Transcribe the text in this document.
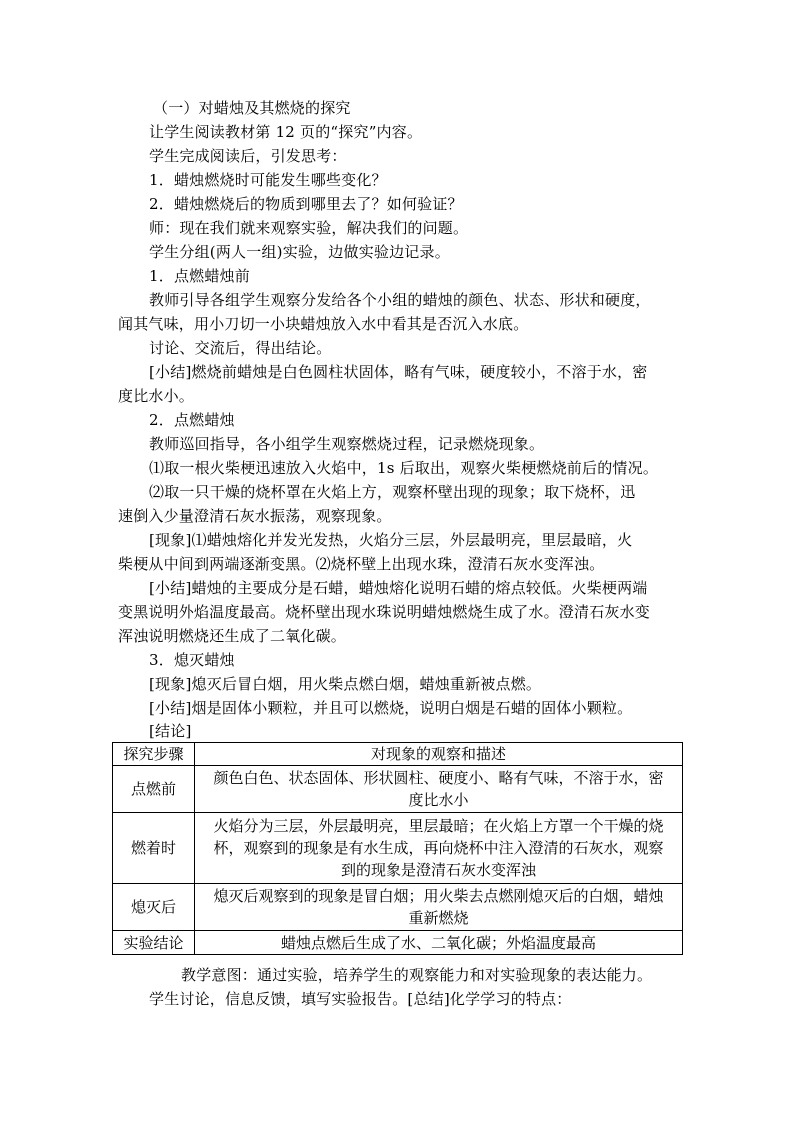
（一）对蜡烛及其燃烧的探究
让学生阅读教材第 12 页的“探究”内容。
学生完成阅读后，引发思考：
1．蜡烛燃烧时可能发生哪些变化？
2．蜡烛燃烧后的物质到哪里去了？如何验证？
师：现在我们就来观察实验，解决我们的问题。
学生分组(两人一组)实验，边做实验边记录。
1．点燃蜡烛前
教师引导各组学生观察分发给各个小组的蜡烛的颜色、状态、形状和硬度，
闻其气味，用小刀切一小块蜡烛放入水中看其是否沉入水底。
讨论、交流后，得出结论。
[小结]燃烧前蜡烛是白色圆柱状固体，略有气味，硬度较小，不溶于水，密
度比水小。
2．点燃蜡烛
教师巡回指导，各小组学生观察燃烧过程，记录燃烧现象。
⑴取一根火柴梗迅速放入火焰中，1s 后取出，观察火柴梗燃烧前后的情况。
⑵取一只干燥的烧杯罩在火焰上方，观察杯壁出现的现象；取下烧杯，迅
速倒入少量澄清石灰水振荡，观察现象。
[现象]⑴蜡烛熔化并发光发热，火焰分三层，外层最明亮，里层最暗，火
柴梗从中间到两端逐渐变黑。⑵烧杯壁上出现水珠，澄清石灰水变浑浊。
[小结]蜡烛的主要成分是石蜡，蜡烛熔化说明石蜡的熔点较低。火柴梗两端
变黑说明外焰温度最高。烧杯壁出现水珠说明蜡烛燃烧生成了水。澄清石灰水变
浑浊说明燃烧还生成了二氧化碳。
3．熄灭蜡烛
[现象]熄灭后冒白烟，用火柴点燃白烟，蜡烛重新被点燃。
[小结]烟是固体小颗粒，并且可以燃烧，说明白烟是石蜡的固体小颗粒。
[结论]
探究步骤	对现象的观察和描述
点燃前	颜色白色、状态固体、形状圆柱、硬度小、略有气味，不溶于水，密
度比水小
燃着时	火焰分为三层，外层最明亮，里层最暗；在火焰上方罩一个干燥的烧
杯，观察到的现象是有水生成，再向烧杯中注入澄清的石灰水，观察
到的现象是澄清石灰水变浑浊
熄灭后	熄灭后观察到的现象是冒白烟；用火柴去点燃刚熄灭后的白烟，蜡烛
重新燃烧
实验结论	蜡烛点燃后生成了水、二氧化碳；外焰温度最高
教学意图：通过实验，培养学生的观察能力和对实验现象的表达能力。
学生讨论，信息反馈，填写实验报告。[总结]化学学习的特点：
